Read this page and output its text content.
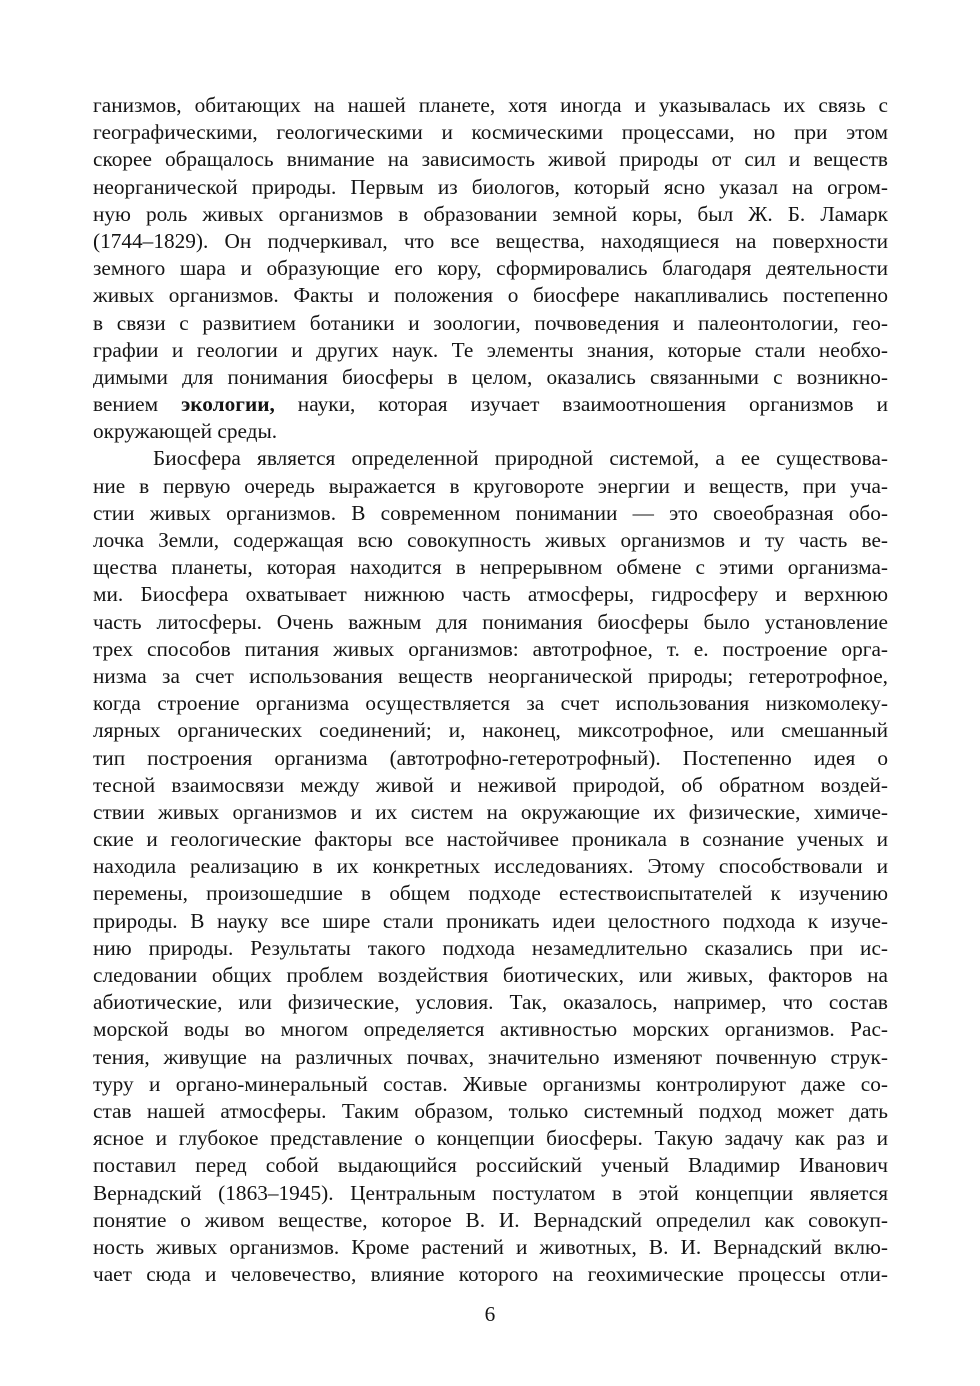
ганизмов, обитающих на нашей планете, хотя иногда и указывалась их связь с
географическими, геологическими и космическими процессами, но при этом
скорее обращалось внимание на зависимость живой природы от сил и веществ
неорганической природы. Первым из биологов, который ясно указал на огром-
ную роль живых организмов в образовании земной коры, был Ж. Б. Ламарк
(1744–1829). Он подчеркивал, что все вещества, находящиеся на поверхности
земного шара и образующие его кору, сформировались благодаря деятельности
живых организмов. Факты и положения о биосфере накапливались постепенно
в связи с развитием ботаники и зоологии, почвоведения и палеонтологии, гео-
графии и геологии и других наук. Те элементы знания, которые стали необхо-
димыми для понимания биосферы в целом, оказались связанными с возникно-
вением экологии, науки, которая изучает взаимоотношения организмов и
окружающей среды.
Биосфера является определенной природной системой, а ее существова-
ние в первую очередь выражается в круговороте энергии и веществ, при уча-
стии живых организмов. В современном понимании — это своеобразная обо-
лочка Земли, содержащая всю совокупность живых организмов и ту часть ве-
щества планеты, которая находится в непрерывном обмене с этими организма-
ми. Биосфера охватывает нижнюю часть атмосферы, гидросферу и верхнюю
часть литосферы. Очень важным для понимания биосферы было установление
трех способов питания живых организмов: автотрофное, т. е. построение орга-
низма за счет использования веществ неорганической природы; гетеротрофное,
когда строение организма осуществляется за счет использования низкомолеку-
лярных органических соединений; и, наконец, миксотрофное, или смешанный
тип построения организма (автотрофно-гетеротрофный). Постепенно идея о
тесной взаимосвязи между живой и неживой природой, об обратном воздей-
ствии живых организмов и их систем на окружающие их физические, химиче-
ские и геологические факторы все настойчивее проникала в сознание ученых и
находила реализацию в их конкретных исследованиях. Этому способствовали и
перемены, произошедшие в общем подходе естествоиспытателей к изучению
природы. В науку все шире стали проникать идеи целостного подхода к изуче-
нию природы. Результаты такого подхода незамедлительно сказались при ис-
следовании общих проблем воздействия биотических, или живых, факторов на
абиотические, или физические, условия. Так, оказалось, например, что состав
морской воды во многом определяется активностью морских организмов. Рас-
тения, живущие на различных почвах, значительно изменяют почвенную струк-
туру и органо-минеральный состав. Живые организмы контролируют даже со-
став нашей атмосферы. Таким образом, только системный подход может дать
ясное и глубокое представление о концепции биосферы. Такую задачу как раз и
поставил перед собой выдающийся российский ученый Владимир Иванович
Вернадский (1863–1945). Центральным постулатом в этой концепции является
понятие о живом веществе, которое В. И. Вернадский определил как совокуп-
ность живых организмов. Кроме растений и животных, В. И. Вернадский вклю-
чает сюда и человечество, влияние которого на геохимические процессы отли-
6
